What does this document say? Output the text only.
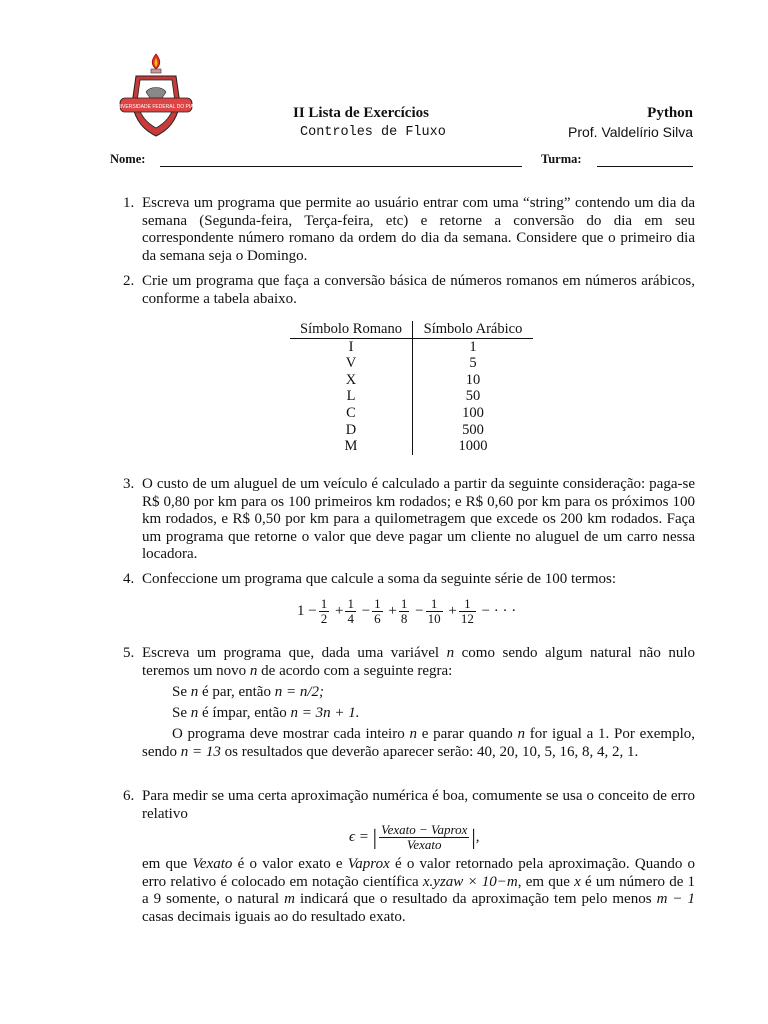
UNIVERSIDADE FEDERAL DO PIAUÍ	II Lista de Exercícios
Controles de Fluxo
Python
Prof. Valdelírio Silva
Nome:	Turma:
1. Escreva um programa que permite ao usuário entrar com uma “string” contendo um dia da semana (Segunda-feira, Terça-feira, etc) e retorne a conversão do dia em seu correspondente número romano da ordem do dia da semana. Considere que o primeiro dia da semana seja o Domingo.
2. Crie um programa que faça a conversão básica de números romanos em números arábicos, conforme a tabela abaixo.
Símbolo Romano	Símbolo Arábico
I	1
V	5
X	10
L	50
C	100
D	500
M	1000
3. O custo de um aluguel de um veículo é calculado a partir da seguinte consideração: paga-se R$ 0,80 por km para os 100 primeiros km rodados; e R$ 0,60 por km para os próximos 100 km rodados, e R$ 0,50 por km para a quilometragem que excede os 200 km rodados. Faça um programa que retorne o valor que deve pagar um cliente no aluguel de um carro nessa locadora.
4. Confeccione um programa que calcule a soma da seguinte série de 100 termos:
$1 - \frac{1}{2} + \frac{1}{4} - \frac{1}{6} + \frac{1}{8} - \frac{1}{10} + \frac{1}{12}$ − · · ·
5. Escreva um programa que, dada uma variável n como sendo algum natural não nulo teremos um novo n de acordo com a seguinte regra:
Se n é par, então n = n/2;
Se n é ímpar, então n = 3n + 1.
O programa deve mostrar cada inteiro n e parar quando n for igual a 1. Por exemplo, sendo n = 13 os resultados que deverão aparecer serão: 40, 20, 10, 5, 16, 8, 4, 2, 1.
6. Para medir se uma certa aproximação numérica é boa, comumente se usa o conceito de erro relativo
ϵ = | $\frac{\text{Vexato − Vaprox}}{\text{Vexato}}$ |,
em que Vexato é o valor exato e Vaprox é o valor retornado pela aproximação. Quando o erro relativo é colocado em notação científica x.yzaw × 10−m, em que x é um número de 1 a 9 somente, o natural m indicará que o resultado da aproximação tem pelo menos m − 1 casas decimais iguais ao do resultado exato.
